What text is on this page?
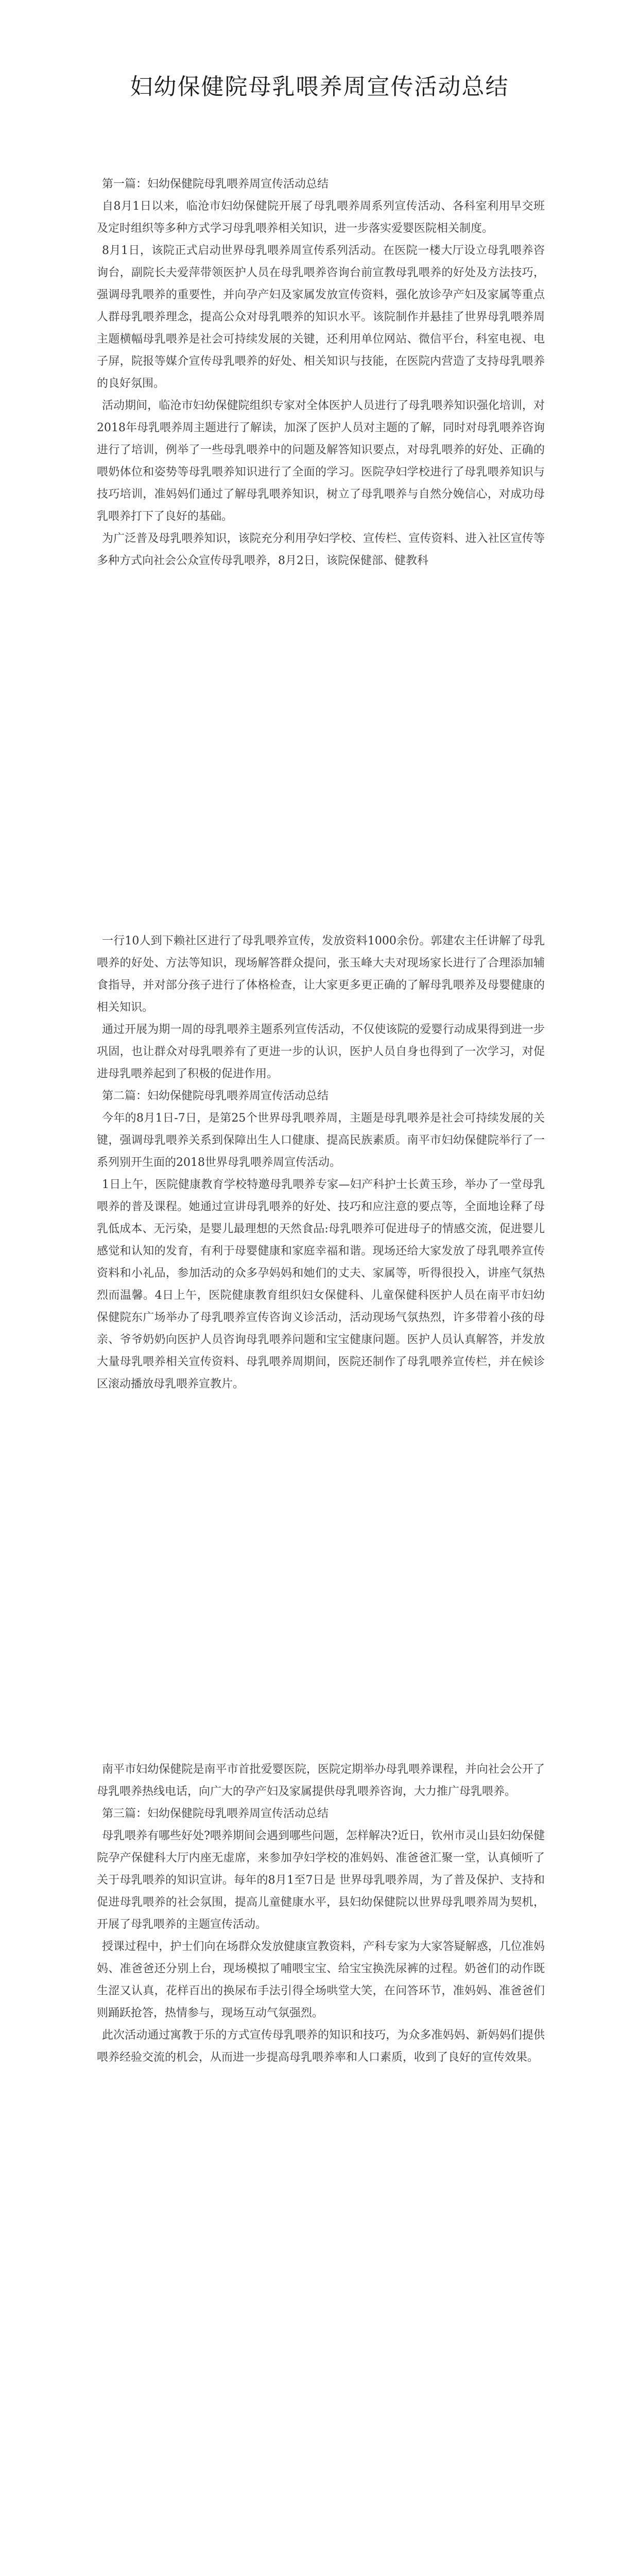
妇幼保健院母乳喂养周宣传活动总结
第一篇：妇幼保健院母乳喂养周宣传活动总结
自8月1日以来，临沧市妇幼保健院开展了母乳喂养周系列宣传活动、各科室利用早交班及定时组织等多种方式学习母乳喂养相关知识，进一步落实爱婴医院相关制度。
8月1日，该院正式启动世界母乳喂养周宣传系列活动。在医院一楼大厅设立母乳喂养咨询台，副院长夫爱萍带领医护人员在母乳喂养咨询台前宣教母乳喂养的好处及方法技巧，强调母乳喂养的重要性，并向孕产妇及家属发放宣传资料，强化放诊孕产妇及家属等重点人群母乳喂养理念，提高公众对母乳喂养的知识水平。该院制作并悬挂了世界母乳喂养周主题横幅母乳喂养是社会可持续发展的关键，还利用单位网站、微信平台，科室电视、电子屏，院报等媒介宣传母乳喂养的好处、相关知识与技能，在医院内营造了支持母乳喂养的良好氛围。
活动期间，临沧市妇幼保健院组织专家对全体医护人员进行了母乳喂养知识强化培训，对2018年母乳喂养周主题进行了解读，加深了医护人员对主题的了解，同时对母乳喂养咨询进行了培训，例举了一些母乳喂养中的问题及解答知识要点，对母乳喂养的好处、正确的喂奶体位和姿势等母乳喂养知识进行了全面的学习。医院孕妇学校进行了母乳喂养知识与技巧培训，准妈妈们通过了解母乳喂养知识，树立了母乳喂养与自然分娩信心，对成功母乳喂养打下了良好的基础。
为广泛普及母乳喂养知识，该院充分利用孕妇学校、宣传栏、宣传资料、进入社区宣传等多种方式向社会公众宣传母乳喂养，8月2日，该院保健部、健教科
一行10人到下赖社区进行了母乳喂养宣传，发放资料1000余份。郭建农主任讲解了母乳喂养的好处、方法等知识，现场解答群众提问，张玉峰大夫对现场家长进行了合理添加辅食指导，并对部分孩子进行了体格检查，让大家更多更正确的了解母乳喂养及母婴健康的相关知识。
通过开展为期一周的母乳喂养主题系列宣传活动，不仅使该院的爱婴行动成果得到进一步巩固，也让群众对母乳喂养有了更进一步的认识，医护人员自身也得到了一次学习，对促进母乳喂养起到了积极的促进作用。
第二篇：妇幼保健院母乳喂养周宣传活动总结
今年的8月1日-7日，是第25个世界母乳喂养周，主题是母乳喂养是社会可持续发展的关键，强调母乳喂养关系到保障出生人口健康、提高民族素质。南平市妇幼保健院举行了一系列别开生面的2018世界母乳喂养周宣传活动。
1日上午，医院健康教育学校特邀母乳喂养专家—妇产科护士长黄玉珍，举办了一堂母乳喂养的普及课程。她通过宣讲母乳喂养的好处、技巧和应注意的要点等，全面地诠释了母乳低成本、无污染，是婴儿最理想的天然食品:母乳喂养可促进母子的情感交流，促进婴儿感觉和认知的发育，有利于母婴健康和家庭幸福和谐。现场还给大家发放了母乳喂养宣传资料和小礼品，参加活动的众多孕妈妈和她们的丈夫、家属等，听得很投入，讲座气氛热烈而温馨。4日上午，医院健康教育组织妇女保健科、儿童保健科医护人员在南平市妇幼保健院东广场举办了母乳喂养宣传咨询义诊活动，活动现场气氛热烈，许多带着小孩的母亲、爷爷奶奶向医护人员咨询母乳喂养问题和宝宝健康问题。医护人员认真解答，并发放大量母乳喂养相关宣传资料、母乳喂养周期间，医院还制作了母乳喂养宣传栏，并在候诊区滚动播放母乳喂养宣教片。
南平市妇幼保健院是南平市首批爱婴医院，医院定期举办母乳喂养课程，并向社会公开了母乳喂养热线电话，向广大的孕产妇及家属提供母乳喂养咨询，大力推广母乳喂养。
第三篇：妇幼保健院母乳喂养周宣传活动总结
母乳喂养有哪些好处?喂养期间会遇到哪些问题，怎样解决?近日，钦州市灵山县妇幼保健院孕产保健科大厅内座无虚席，来参加孕妇学校的准妈妈、准爸爸汇聚一堂，认真倾听了关于母乳喂养的知识宣讲。每年的8月1至7日是 世界母乳喂养周，为了普及保护、支持和促进母乳喂养的社会氛围，提高儿童健康水平，县妇幼保健院以世界母乳喂养周为契机，开展了母乳喂养的主题宣传活动。
授课过程中，护士们向在场群众发放健康宣教资料，产科专家为大家答疑解惑，几位准妈妈、准爸爸还分别上台，现场模拟了哺喂宝宝、给宝宝换洗尿裤的过程。奶爸们的动作既生涩又认真，花样百出的换尿布手法引得全场哄堂大笑，在问答环节，准妈妈、准爸爸们则踊跃抢答，热情参与，现场互动气氛强烈。
此次活动通过寓教于乐的方式宣传母乳喂养的知识和技巧，为众多准妈妈、新妈妈们提供喂养经验交流的机会，从而进一步提高母乳喂养率和人口素质，收到了良好的宣传效果。
